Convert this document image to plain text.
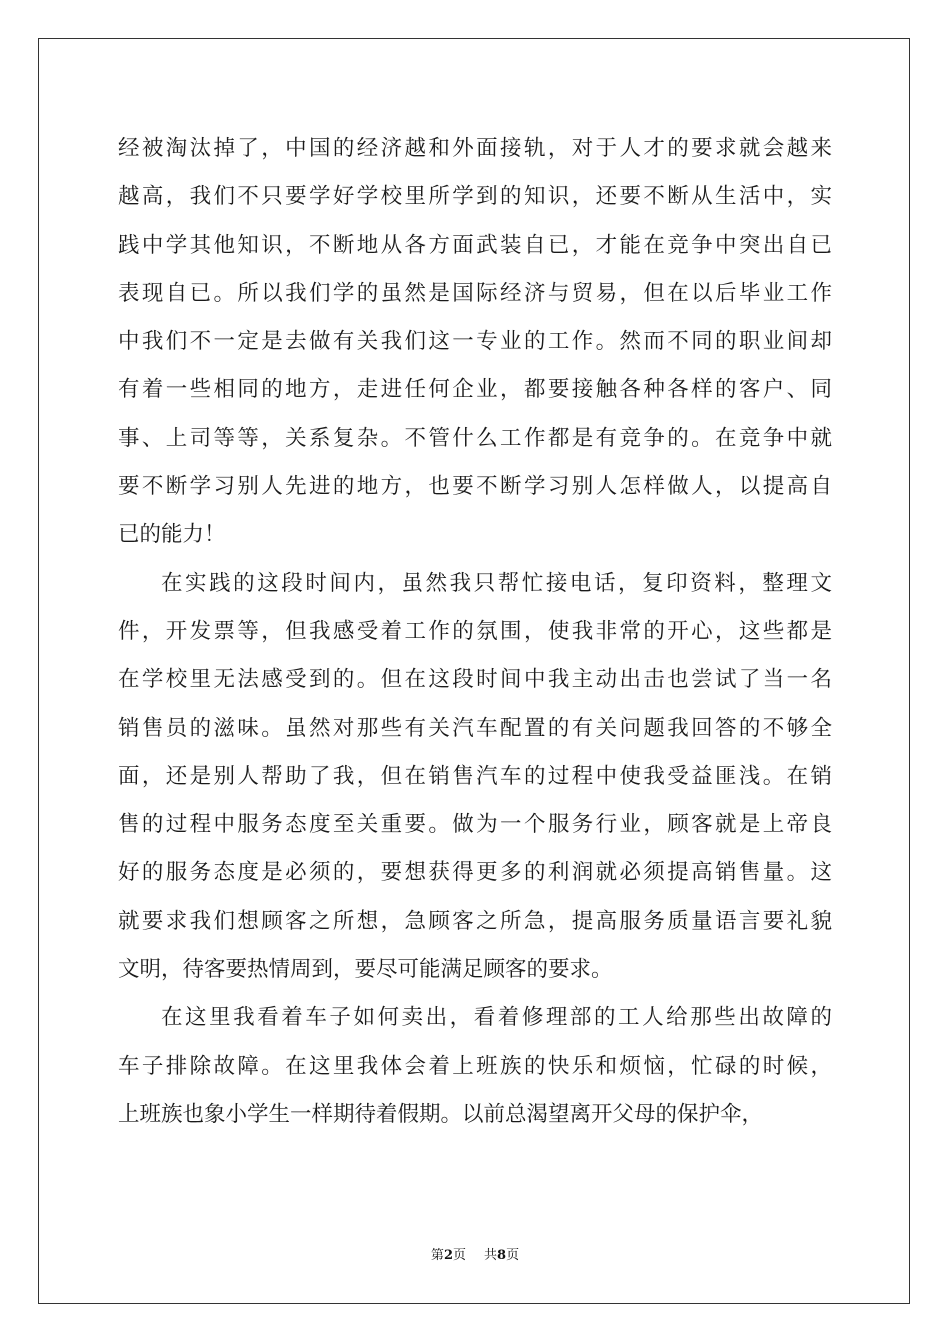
经被淘汰掉了，中国的经济越和外面接轨，对于人才的要求就会越来
越高，我们不只要学好学校里所学到的知识，还要不断从生活中，实
践中学其他知识，不断地从各方面武装自已，才能在竞争中突出自已
表现自已。所以我们学的虽然是国际经济与贸易，但在以后毕业工作
中我们不一定是去做有关我们这一专业的工作。然而不同的职业间却
有着一些相同的地方，走进任何企业，都要接触各种各样的客户、同
事、上司等等，关系复杂。不管什么工作都是有竞争的。在竞争中就
要不断学习别人先进的地方，也要不断学习别人怎样做人，以提高自
已的能力！
在实践的这段时间内，虽然我只帮忙接电话，复印资料，整理文
件，开发票等，但我感受着工作的氛围，使我非常的开心，这些都是
在学校里无法感受到的。但在这段时间中我主动出击也尝试了当一名
销售员的滋味。虽然对那些有关汽车配置的有关问题我回答的不够全
面，还是别人帮助了我，但在销售汽车的过程中使我受益匪浅。在销
售的过程中服务态度至关重要。做为一个服务行业，顾客就是上帝良
好的服务态度是必须的，要想获得更多的利润就必须提高销售量。这
就要求我们想顾客之所想，急顾客之所急，提高服务质量语言要礼貌
文明，待客要热情周到，要尽可能满足顾客的要求。
在这里我看着车子如何卖出，看着修理部的工人给那些出故障的
车子排除故障。在这里我体会着上班族的快乐和烦恼，忙碌的时候，
上班族也象小学生一样期待着假期。以前总渴望离开父母的保护伞，
第2页 共8页
